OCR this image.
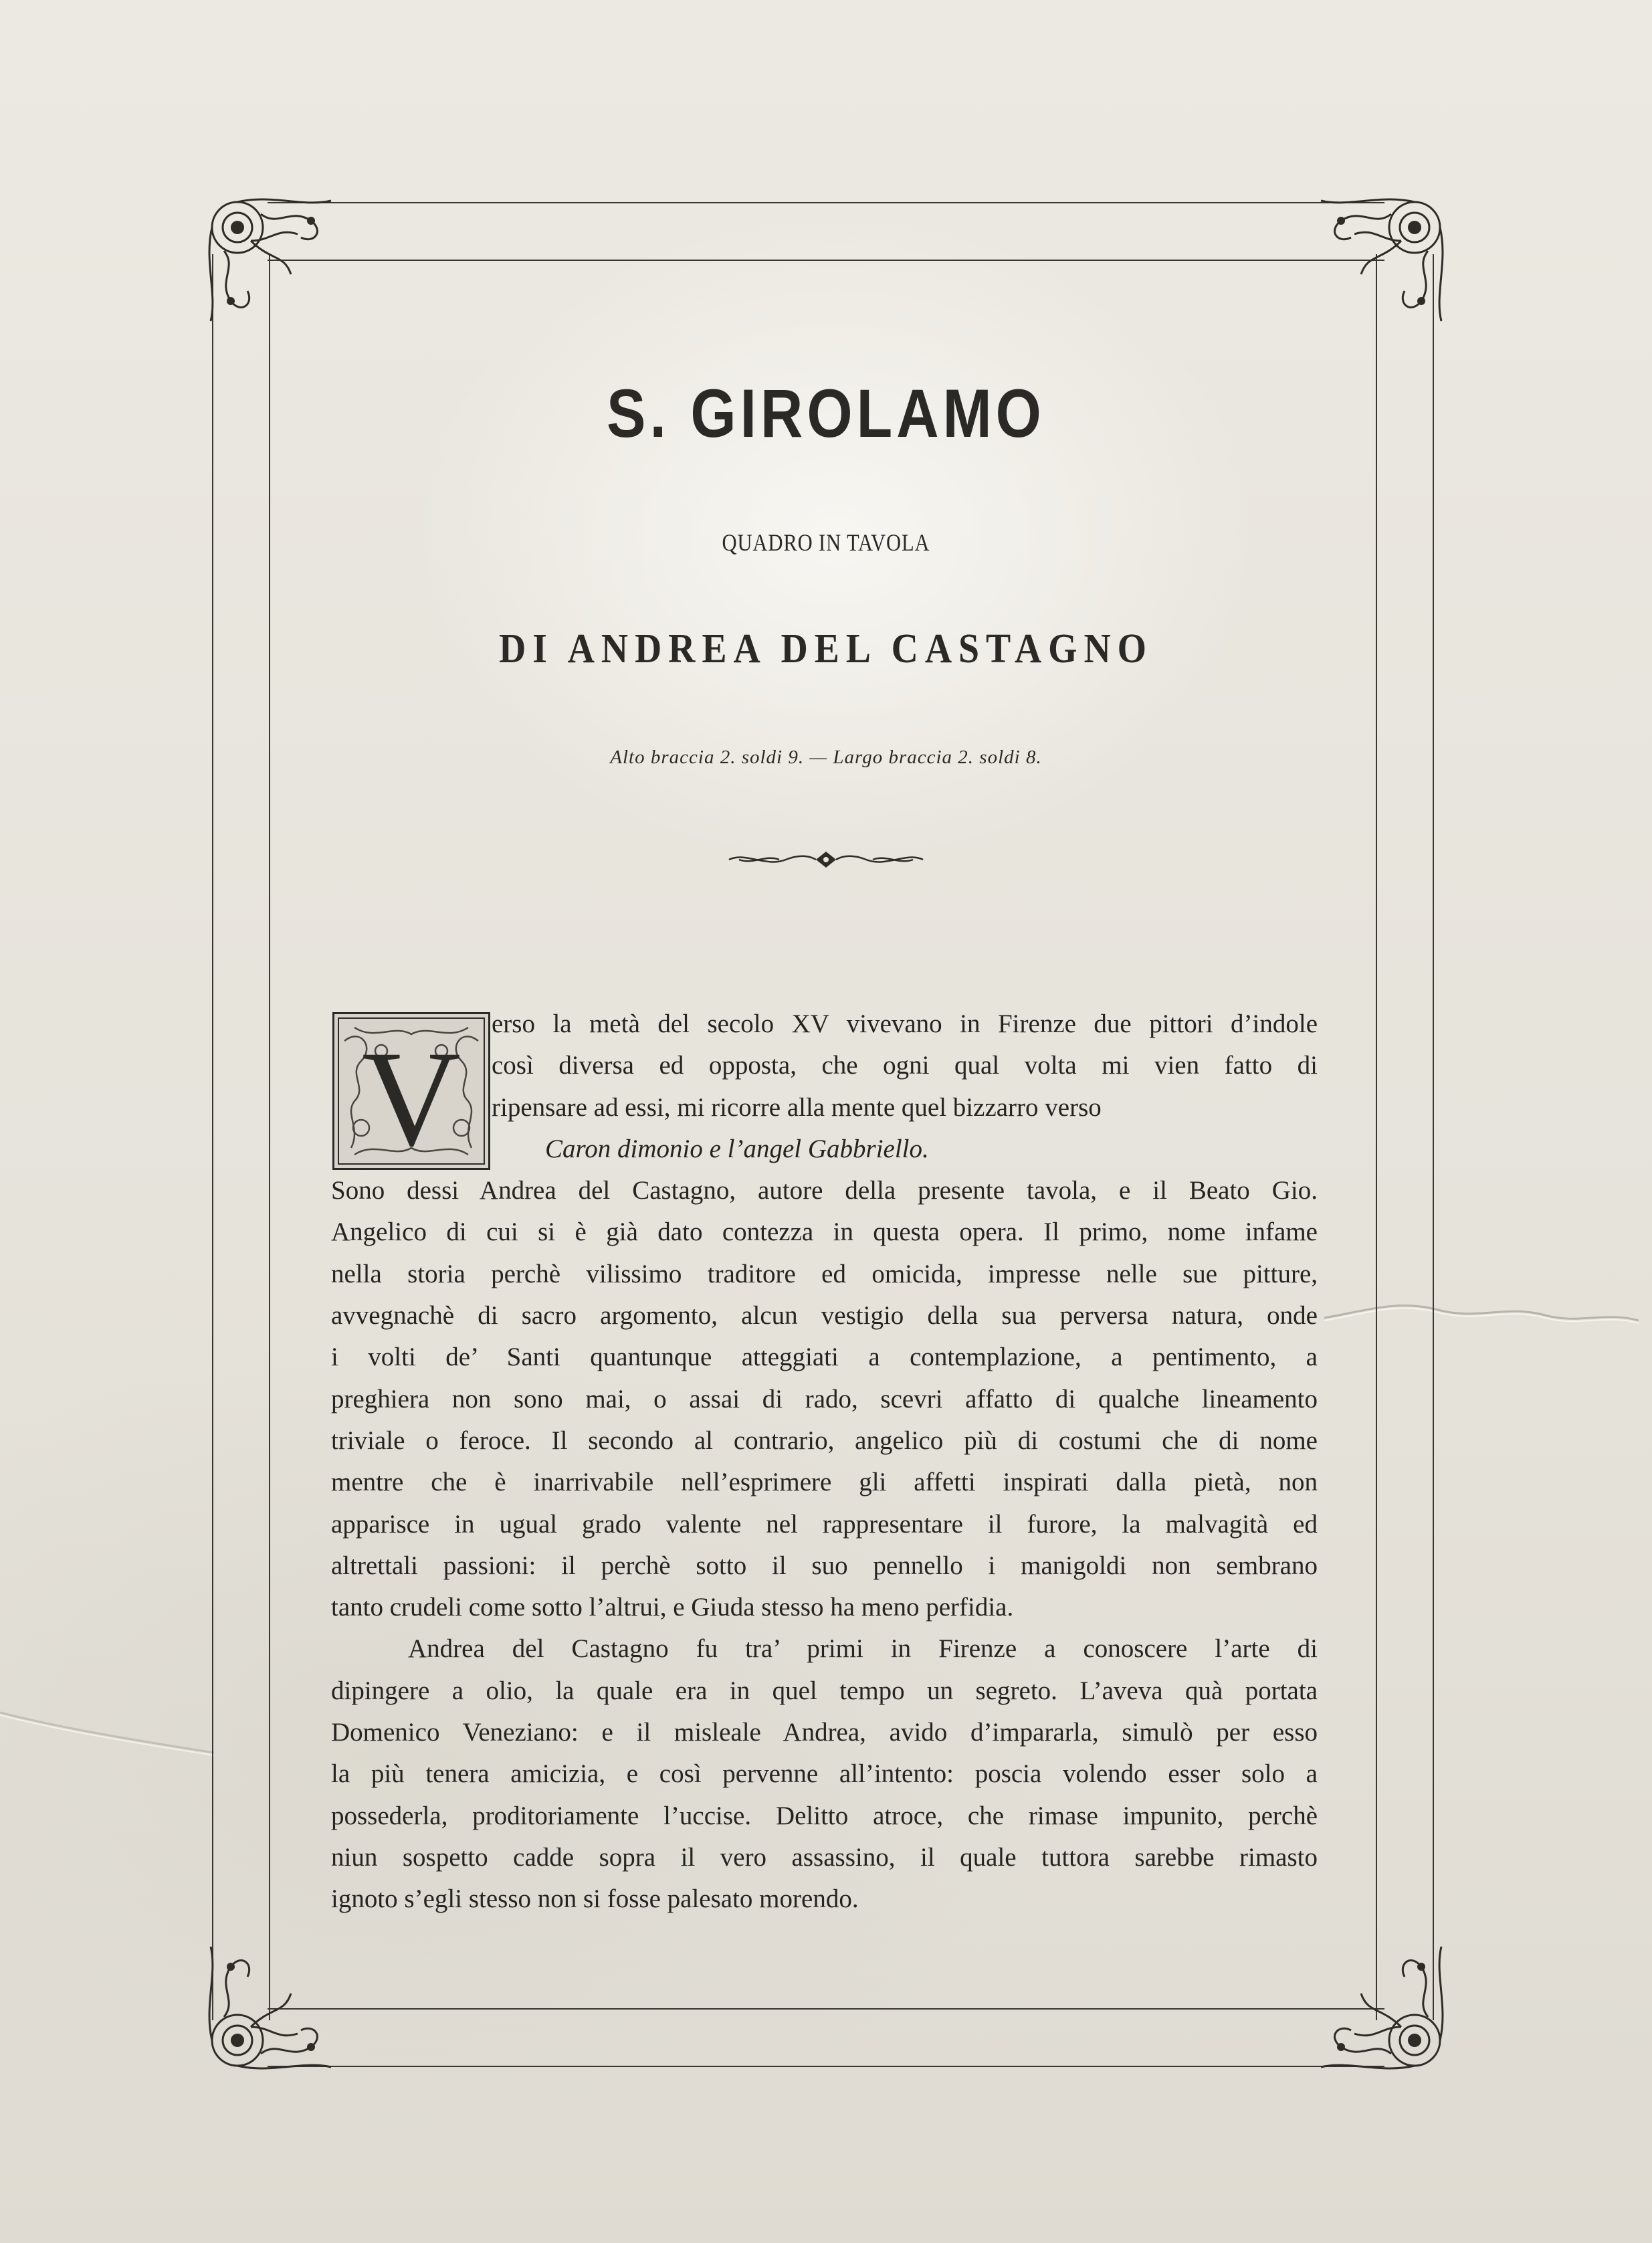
S. GIROLAMO
QUADRO IN TAVOLA
DI ANDREA DEL CASTAGNO
Alto braccia 2. soldi 9. — Largo braccia 2. soldi 8.
V	erso la metà del secolo XV vivevano in Firenze due pittori d’indole
così diversa ed opposta, che ogni qual volta mi vien fatto di
ripensare ad essi, mi ricorre alla mente quel bizzarro verso
Caron dimonio e l’angel Gabbriello.
Sono dessi Andrea del Castagno, autore della presente tavola, e il Beato Gio.
Angelico di cui si è già dato contezza in questa opera. Il primo, nome infame
nella storia perchè vilissimo traditore ed omicida, impresse nelle sue pitture,
avvegnachè di sacro argomento, alcun vestigio della sua perversa natura, onde
i volti de’ Santi quantunque atteggiati a contemplazione, a pentimento, a
preghiera non sono mai, o assai di rado, scevri affatto di qualche lineamento
triviale o feroce. Il secondo al contrario, angelico più di costumi che di nome
mentre che è inarrivabile nell’esprimere gli affetti inspirati dalla pietà, non
apparisce in ugual grado valente nel rappresentare il furore, la malvagità ed
altrettali passioni: il perchè sotto il suo pennello i manigoldi non sembrano
tanto crudeli come sotto l’altrui, e Giuda stesso ha meno perfidia.
Andrea del Castagno fu tra’ primi in Firenze a conoscere l’arte di
dipingere a olio, la quale era in quel tempo un segreto. L’aveva quà portata
Domenico Veneziano: e il misleale Andrea, avido d’impararla, simulò per esso
la più tenera amicizia, e così pervenne all’intento: poscia volendo esser solo a
possederla, proditoriamente l’uccise. Delitto atroce, che rimase impunito, perchè
niun sospetto cadde sopra il vero assassino, il quale tuttora sarebbe rimasto
ignoto s’egli stesso non si fosse palesato morendo.
